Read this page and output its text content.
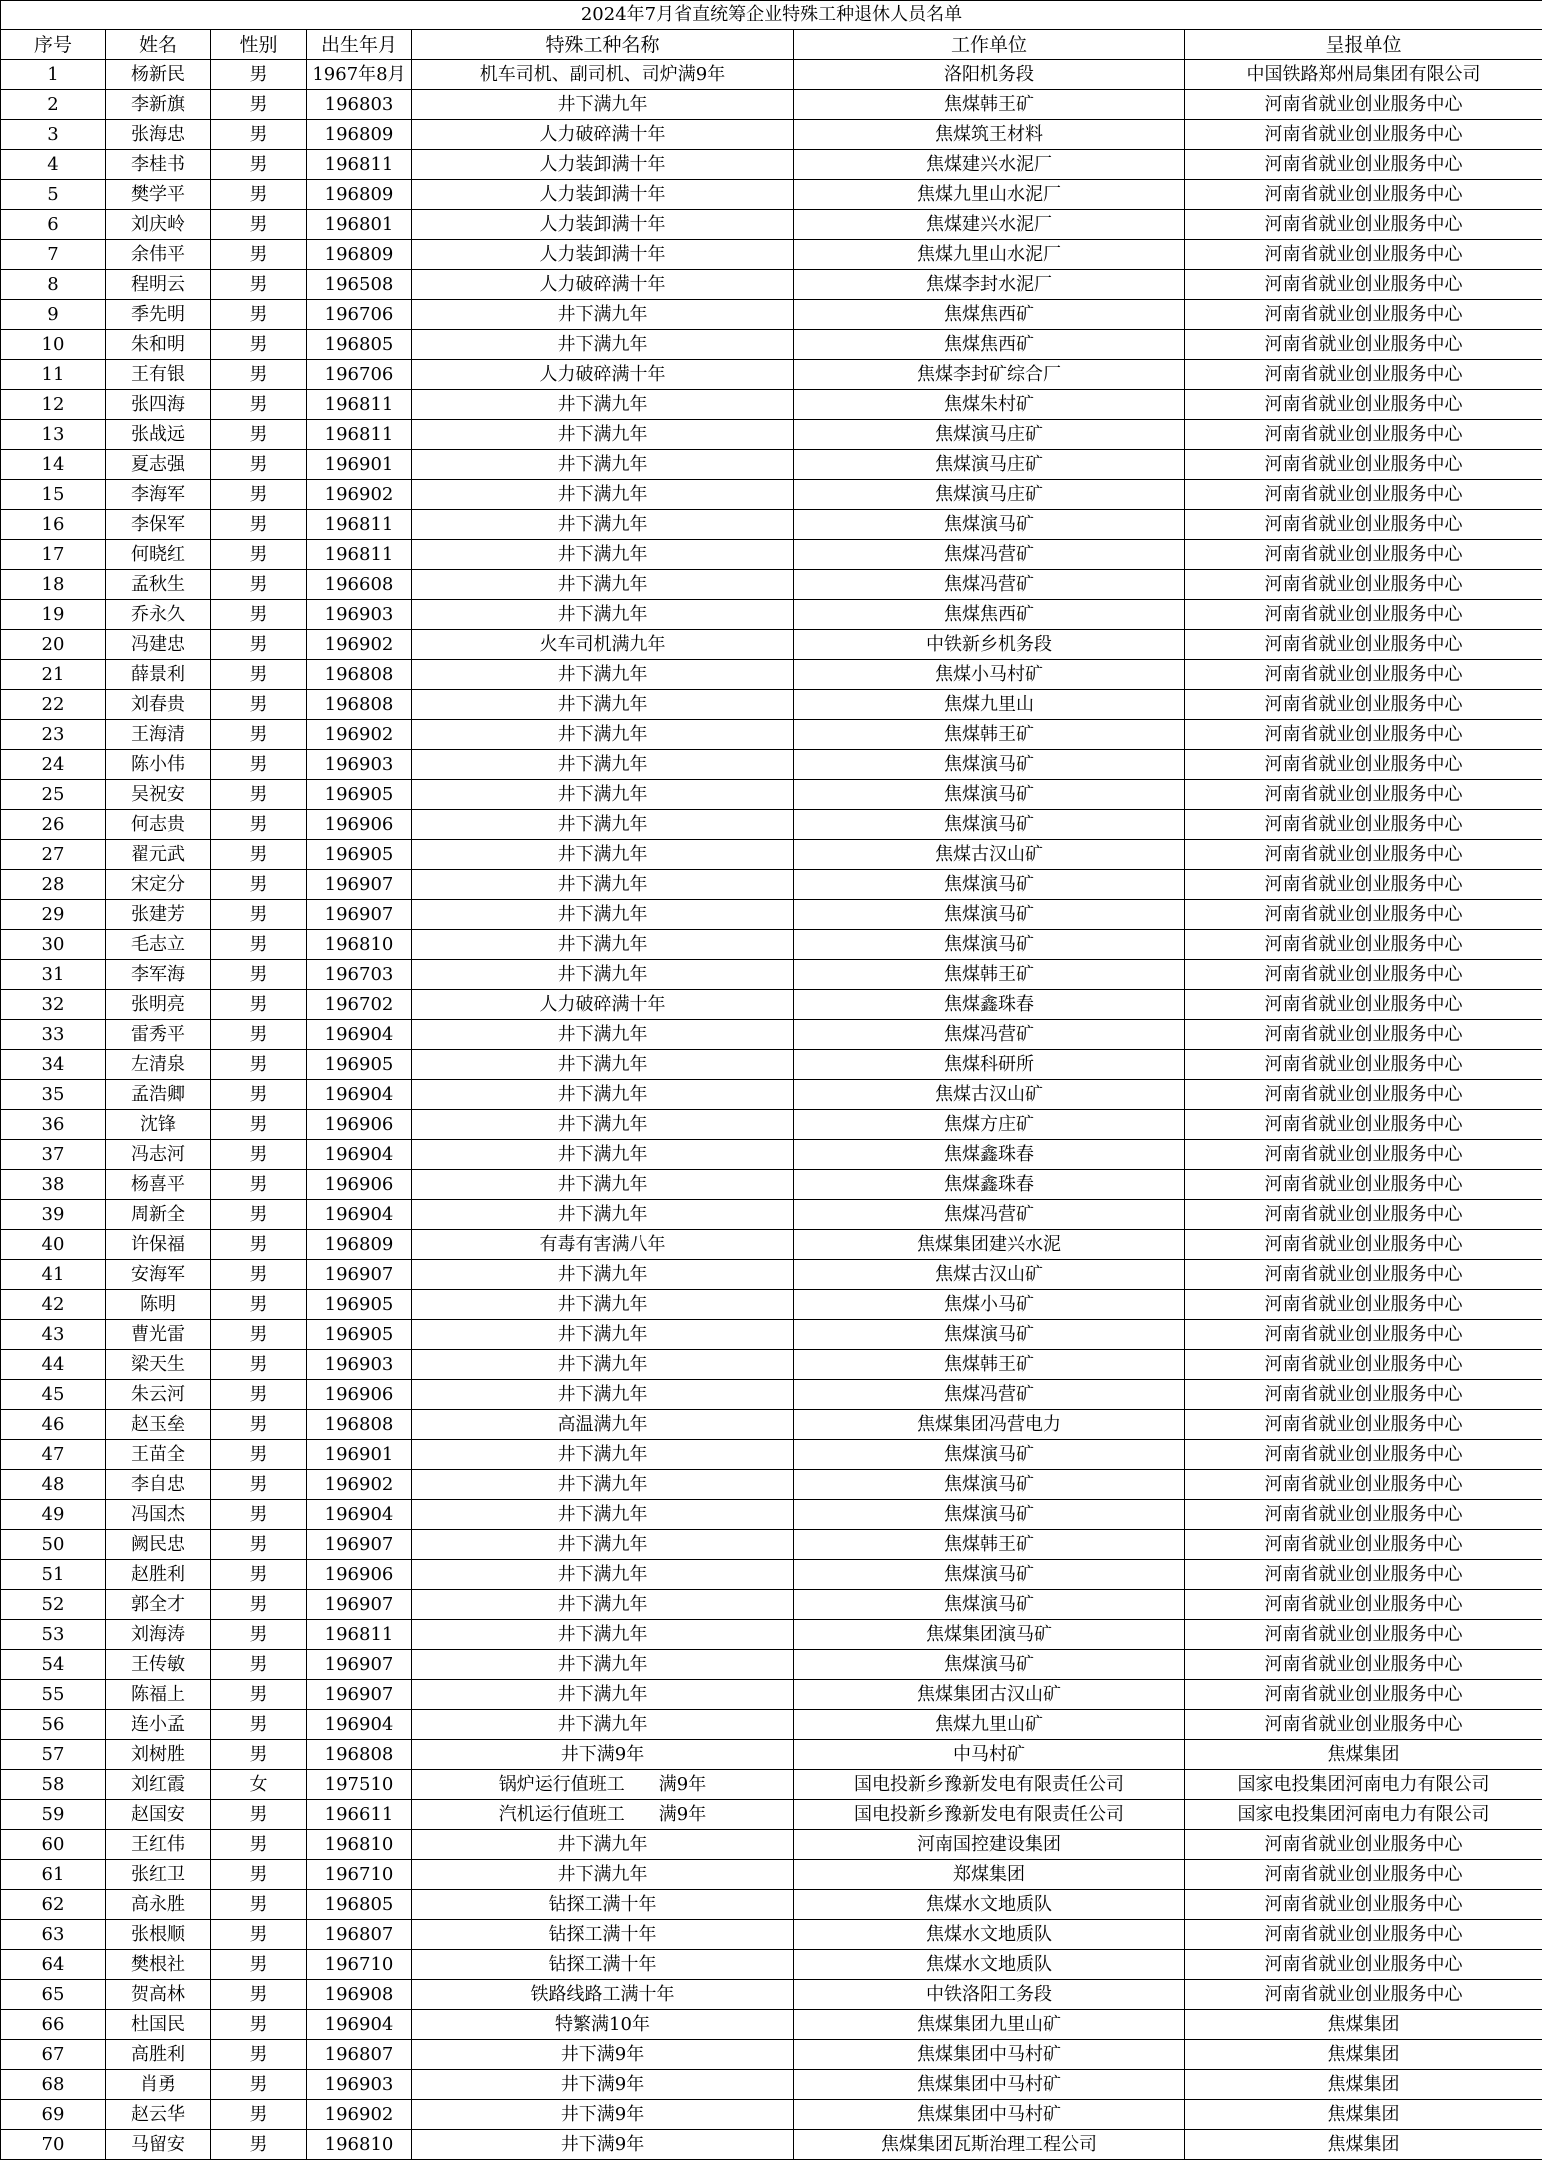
2024年7月省直统筹企业特殊工种退休人员名单						
序号	姓名	性别	出生年月	特殊工种名称	工作单位	呈报单位
1	杨新民	男	1967年8月	机车司机、副司机、司炉满9年	洛阳机务段	中国铁路郑州局集团有限公司
2	李新旗	男	196803	井下满九年	焦煤韩王矿	河南省就业创业服务中心
3	张海忠	男	196809	人力破碎满十年	焦煤筑王材料	河南省就业创业服务中心
4	李桂书	男	196811	人力装卸满十年	焦煤建兴水泥厂	河南省就业创业服务中心
5	樊学平	男	196809	人力装卸满十年	焦煤九里山水泥厂	河南省就业创业服务中心
6	刘庆岭	男	196801	人力装卸满十年	焦煤建兴水泥厂	河南省就业创业服务中心
7	余伟平	男	196809	人力装卸满十年	焦煤九里山水泥厂	河南省就业创业服务中心
8	程明云	男	196508	人力破碎满十年	焦煤李封水泥厂	河南省就业创业服务中心
9	季先明	男	196706	井下满九年	焦煤焦西矿	河南省就业创业服务中心
10	朱和明	男	196805	井下满九年	焦煤焦西矿	河南省就业创业服务中心
11	王有银	男	196706	人力破碎满十年	焦煤李封矿综合厂	河南省就业创业服务中心
12	张四海	男	196811	井下满九年	焦煤朱村矿	河南省就业创业服务中心
13	张战远	男	196811	井下满九年	焦煤演马庄矿	河南省就业创业服务中心
14	夏志强	男	196901	井下满九年	焦煤演马庄矿	河南省就业创业服务中心
15	李海军	男	196902	井下满九年	焦煤演马庄矿	河南省就业创业服务中心
16	李保军	男	196811	井下满九年	焦煤演马矿	河南省就业创业服务中心
17	何晓红	男	196811	井下满九年	焦煤冯营矿	河南省就业创业服务中心
18	孟秋生	男	196608	井下满九年	焦煤冯营矿	河南省就业创业服务中心
19	乔永久	男	196903	井下满九年	焦煤焦西矿	河南省就业创业服务中心
20	冯建忠	男	196902	火车司机满九年	中铁新乡机务段	河南省就业创业服务中心
21	薛景利	男	196808	井下满九年	焦煤小马村矿	河南省就业创业服务中心
22	刘春贵	男	196808	井下满九年	焦煤九里山	河南省就业创业服务中心
23	王海清	男	196902	井下满九年	焦煤韩王矿	河南省就业创业服务中心
24	陈小伟	男	196903	井下满九年	焦煤演马矿	河南省就业创业服务中心
25	吴祝安	男	196905	井下满九年	焦煤演马矿	河南省就业创业服务中心
26	何志贵	男	196906	井下满九年	焦煤演马矿	河南省就业创业服务中心
27	翟元武	男	196905	井下满九年	焦煤古汉山矿	河南省就业创业服务中心
28	宋定分	男	196907	井下满九年	焦煤演马矿	河南省就业创业服务中心
29	张建芳	男	196907	井下满九年	焦煤演马矿	河南省就业创业服务中心
30	毛志立	男	196810	井下满九年	焦煤演马矿	河南省就业创业服务中心
31	李军海	男	196703	井下满九年	焦煤韩王矿	河南省就业创业服务中心
32	张明亮	男	196702	人力破碎满十年	焦煤鑫珠春	河南省就业创业服务中心
33	雷秀平	男	196904	井下满九年	焦煤冯营矿	河南省就业创业服务中心
34	左清泉	男	196905	井下满九年	焦煤科研所	河南省就业创业服务中心
35	孟浩卿	男	196904	井下满九年	焦煤古汉山矿	河南省就业创业服务中心
36	沈锋	男	196906	井下满九年	焦煤方庄矿	河南省就业创业服务中心
37	冯志河	男	196904	井下满九年	焦煤鑫珠春	河南省就业创业服务中心
38	杨喜平	男	196906	井下满九年	焦煤鑫珠春	河南省就业创业服务中心
39	周新全	男	196904	井下满九年	焦煤冯营矿	河南省就业创业服务中心
40	许保福	男	196809	有毒有害满八年	焦煤集团建兴水泥	河南省就业创业服务中心
41	安海军	男	196907	井下满九年	焦煤古汉山矿	河南省就业创业服务中心
42	陈明	男	196905	井下满九年	焦煤小马矿	河南省就业创业服务中心
43	曹光雷	男	196905	井下满九年	焦煤演马矿	河南省就业创业服务中心
44	梁天生	男	196903	井下满九年	焦煤韩王矿	河南省就业创业服务中心
45	朱云河	男	196906	井下满九年	焦煤冯营矿	河南省就业创业服务中心
46	赵玉垒	男	196808	高温满九年	焦煤集团冯营电力	河南省就业创业服务中心
47	王苗全	男	196901	井下满九年	焦煤演马矿	河南省就业创业服务中心
48	李自忠	男	196902	井下满九年	焦煤演马矿	河南省就业创业服务中心
49	冯国杰	男	196904	井下满九年	焦煤演马矿	河南省就业创业服务中心
50	阙民忠	男	196907	井下满九年	焦煤韩王矿	河南省就业创业服务中心
51	赵胜利	男	196906	井下满九年	焦煤演马矿	河南省就业创业服务中心
52	郭全才	男	196907	井下满九年	焦煤演马矿	河南省就业创业服务中心
53	刘海涛	男	196811	井下满九年	焦煤集团演马矿	河南省就业创业服务中心
54	王传敏	男	196907	井下满九年	焦煤演马矿	河南省就业创业服务中心
55	陈福上	男	196907	井下满九年	焦煤集团古汉山矿	河南省就业创业服务中心
56	连小孟	男	196904	井下满九年	焦煤九里山矿	河南省就业创业服务中心
57	刘树胜	男	196808	井下满9年	中马村矿	焦煤集团
58	刘红霞	女	197510	锅炉运行值班工 满9年	国电投新乡豫新发电有限责任公司	国家电投集团河南电力有限公司
59	赵国安	男	196611	汽机运行值班工 满9年	国电投新乡豫新发电有限责任公司	国家电投集团河南电力有限公司
60	王红伟	男	196810	井下满九年	河南国控建设集团	河南省就业创业服务中心
61	张红卫	男	196710	井下满九年	郑煤集团	河南省就业创业服务中心
62	高永胜	男	196805	钻探工满十年	焦煤水文地质队	河南省就业创业服务中心
63	张根顺	男	196807	钻探工满十年	焦煤水文地质队	河南省就业创业服务中心
64	樊根社	男	196710	钻探工满十年	焦煤水文地质队	河南省就业创业服务中心
65	贺高林	男	196908	铁路线路工满十年	中铁洛阳工务段	河南省就业创业服务中心
66	杜国民	男	196904	特繁满10年	焦煤集团九里山矿	焦煤集团
67	高胜利	男	196807	井下满9年	焦煤集团中马村矿	焦煤集团
68	肖勇	男	196903	井下满9年	焦煤集团中马村矿	焦煤集团
69	赵云华	男	196902	井下满9年	焦煤集团中马村矿	焦煤集团
70	马留安	男	196810	井下满9年	焦煤集团瓦斯治理工程公司	焦煤集团
